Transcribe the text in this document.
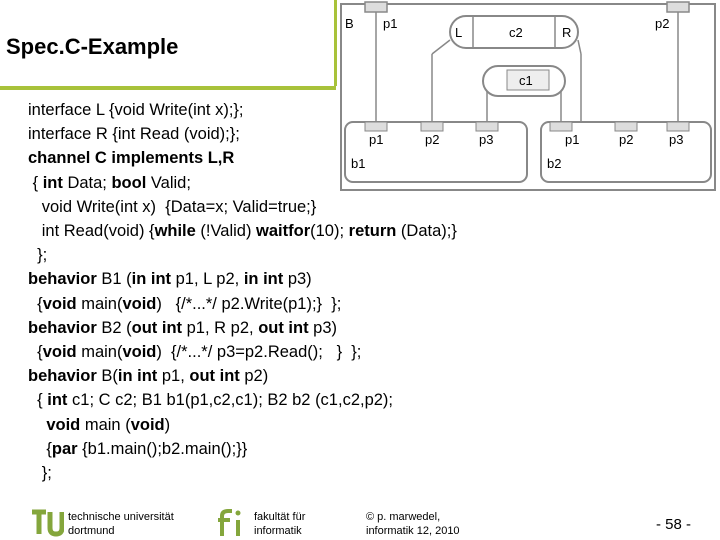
Spec.C-Example
B p1	p2
L	c2	R
c1
p1	p2	p3
b1
p1	p2	p3
b2
interface L {void Write(int x);};
interface R {int Read (void);};
channel C implements L,R
{ int Data; bool Valid;
void Write(int x)  {Data=x; Valid=true;}
int Read(void) {while (!Valid) waitfor(10); return (Data);}
};
behavior B1 (in int p1, L p2, in int p3)
{void main(void)   {/*...*/ p2.Write(p1);}  };
behavior B2 (out int p1, R p2, out int p3)
{void main(void)  {/*...*/ p3=p2.Read();   }  };
behavior B(in int p1, out int p2)
{ int c1; C c2; B1 b1(p1,c2,c1); B2 b2 (c1,c2,p2);
void main (void)
{par {b1.main();b2.main();}}
};
technische universität
dortmund
fakultät für
informatik
© p. marwedel,
informatik 12, 2010	- 58 -
